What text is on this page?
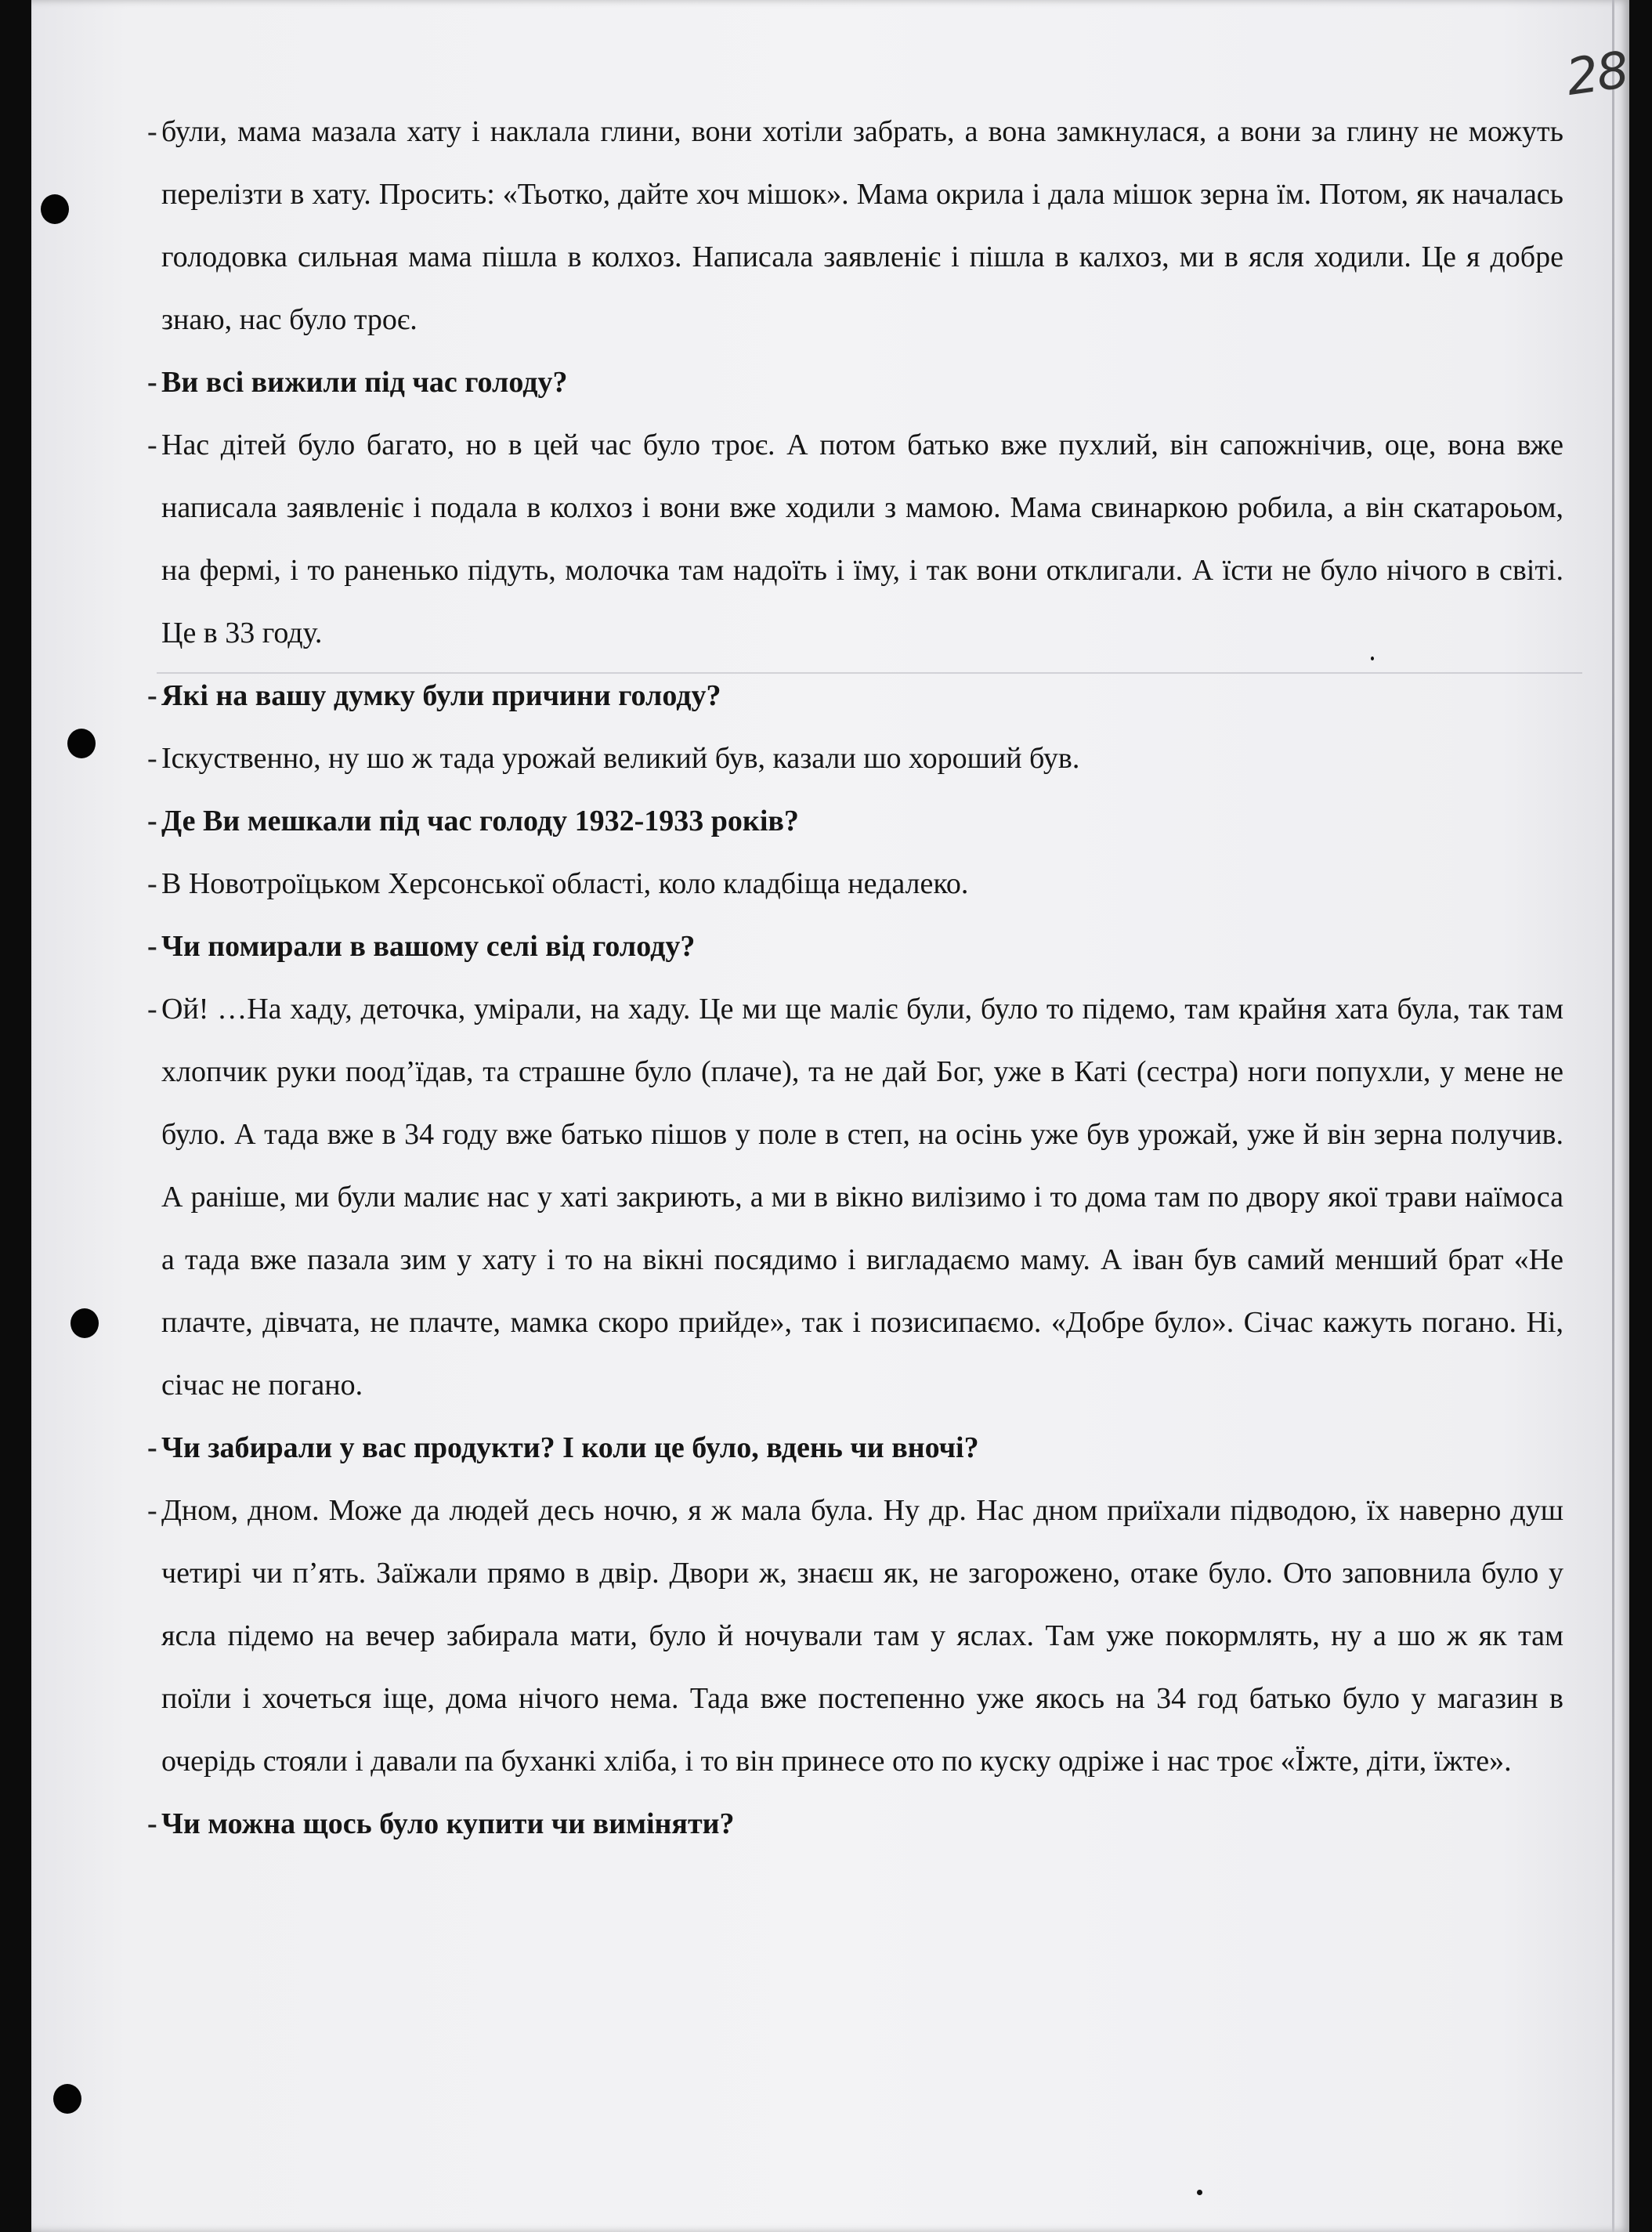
28

- були, мама мазала хату і наклала глини, вони хотіли забрать, а вона замкнулася, а вони за глину не можуть перелізти в хату. Просить: «Тьотко, дайте хоч мішок». Мама окрила і дала мішок зерна їм. Потом, як началась голодовка сильная мама пішла в колхоз. Написала заявленіє і пішла в калхоз, ми в ясля ходили. Це я добре знаю, нас було троє.

- Ви всі вижили під час голоду?

- Нас дітей було багато, но в цей час було троє. А потом батько вже пухлий, він сапожнічив, оце, вона вже написала заявленіє і подала в колхоз і вони вже ходили з мамою. Мама свинаркою робила, а він скатароьом, на фермі, і то раненько підуть, молочка там надоїть і їму, і так вони отклигали. А їсти не було нічого в світі. Це в 33 году.

- Які на вашу думку були причини голоду?

- Іскуственно, ну шо ж тада урожай великий був, казали шо хороший був.

- Де Ви мешкали під час голоду 1932-1933 років?

- В Новотроїцьком Херсонської області, коло кладбіща недалеко.

- Чи помирали в вашому селі від голоду?

- Ой! …На хаду, деточка, умірали, на хаду. Це ми ще маліє були, було то підемо, там крайня хата була, так там хлопчик руки поод’їдав, та страшне було (плаче), та не дай Бог, уже в Каті (сестра) ноги попухли, у мене не було. А тада вже в 34 году вже батько пішов у поле в степ, на осінь уже був урожай, уже й він зерна получив. А раніше, ми були малиє нас у хаті закриють, а ми в вікно вилізимо і то дома там по двору якої трави наїмоса а тада вже пазала зим у хату і то на вікні посядимо і вигладаємо маму. А іван був самий менший брат «Не плачте, дівчата, не плачте, мамка скоро прийде», так і позисипаємо. «Добре було». Січас кажуть погано. Ні, січас не погано.

- Чи забирали у вас продукти? І коли це було, вдень чи вночі?

- Дном, дном. Може да людей десь ночю, я ж мала була. Ну др. Нас дном приїхали підводою, їх наверно душ четирі чи п’ять. Заїжали прямо в двір. Двори ж, знаєш як, не загорожено, отаке було. Ото заповнила було у ясла підемо на вечер забирала мати, було й ночували там у яслах. Там уже покормлять, ну а шо ж як там поїли і хочеться іще, дома нічого нема. Тада вже постепенно уже якось на 34 год батько було у магазин в очерідь стояли і давали па буханкі хліба, і то він принесе ото по куску одріже і нас троє «Їжте, діти, їжте».

- Чи можна щось було купити чи виміняти?
